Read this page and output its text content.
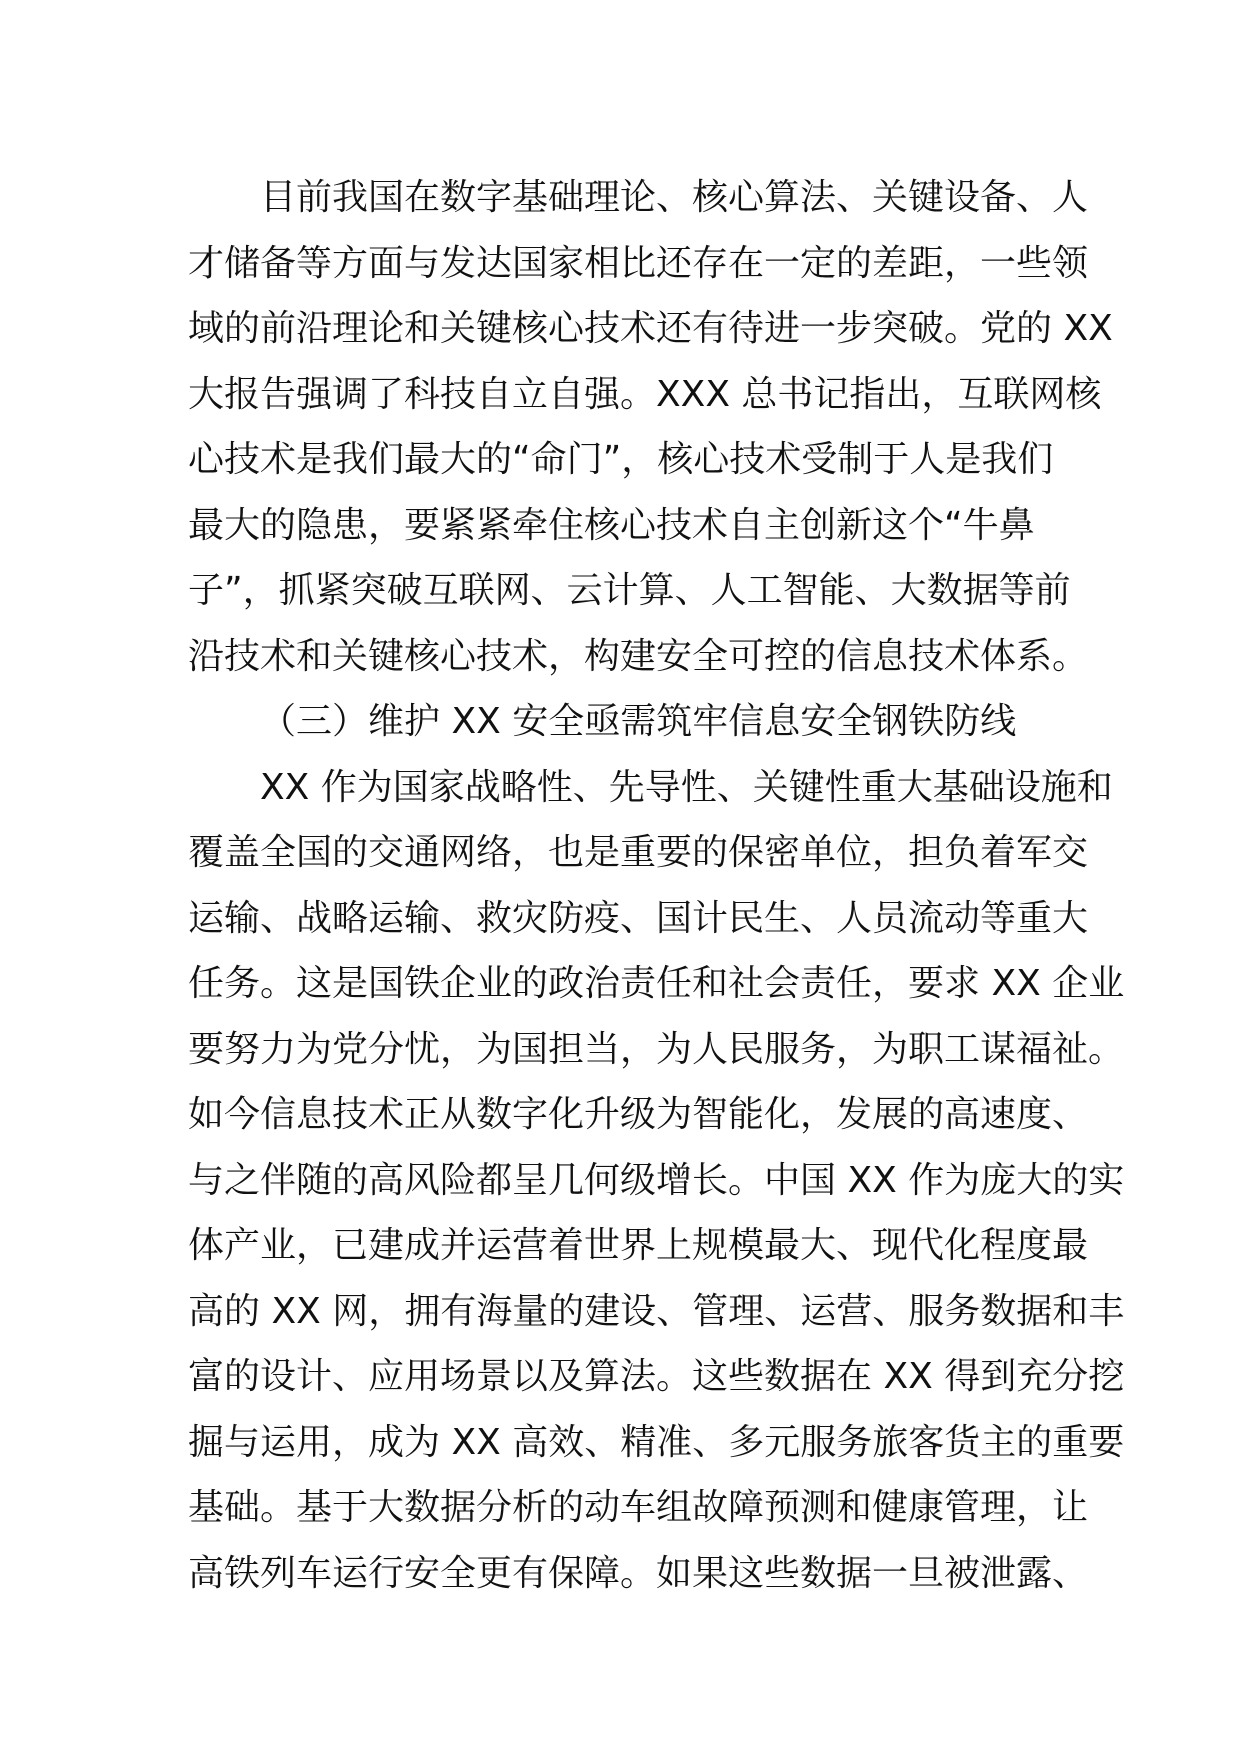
目前我国在数字基础理论、核心算法、关键设备、人
才储备等方面与发达国家相比还存在一定的差距，一些领
域的前沿理论和关键核心技术还有待进一步突破。党的 XX
大报告强调了科技自立自强。XXX 总书记指出，互联网核
心技术是我们最大的“命门”，核心技术受制于人是我们
最大的隐患，要紧紧牵住核心技术自主创新这个“牛鼻
子”，抓紧突破互联网、云计算、人工智能、大数据等前
沿技术和关键核心技术，构建安全可控的信息技术体系。
（三）维护 XX 安全亟需筑牢信息安全钢铁防线
XX 作为国家战略性、先导性、关键性重大基础设施和
覆盖全国的交通网络，也是重要的保密单位，担负着军交
运输、战略运输、救灾防疫、国计民生、人员流动等重大
任务。这是国铁企业的政治责任和社会责任，要求 XX 企业
要努力为党分忧，为国担当，为人民服务，为职工谋福祉。
如今信息技术正从数字化升级为智能化，发展的高速度、
与之伴随的高风险都呈几何级增长。中国 XX 作为庞大的实
体产业，已建成并运营着世界上规模最大、现代化程度最
高的 XX 网，拥有海量的建设、管理、运营、服务数据和丰
富的设计、应用场景以及算法。这些数据在 XX 得到充分挖
掘与运用，成为 XX 高效、精准、多元服务旅客货主的重要
基础。基于大数据分析的动车组故障预测和健康管理，让
高铁列车运行安全更有保障。如果这些数据一旦被泄露、
